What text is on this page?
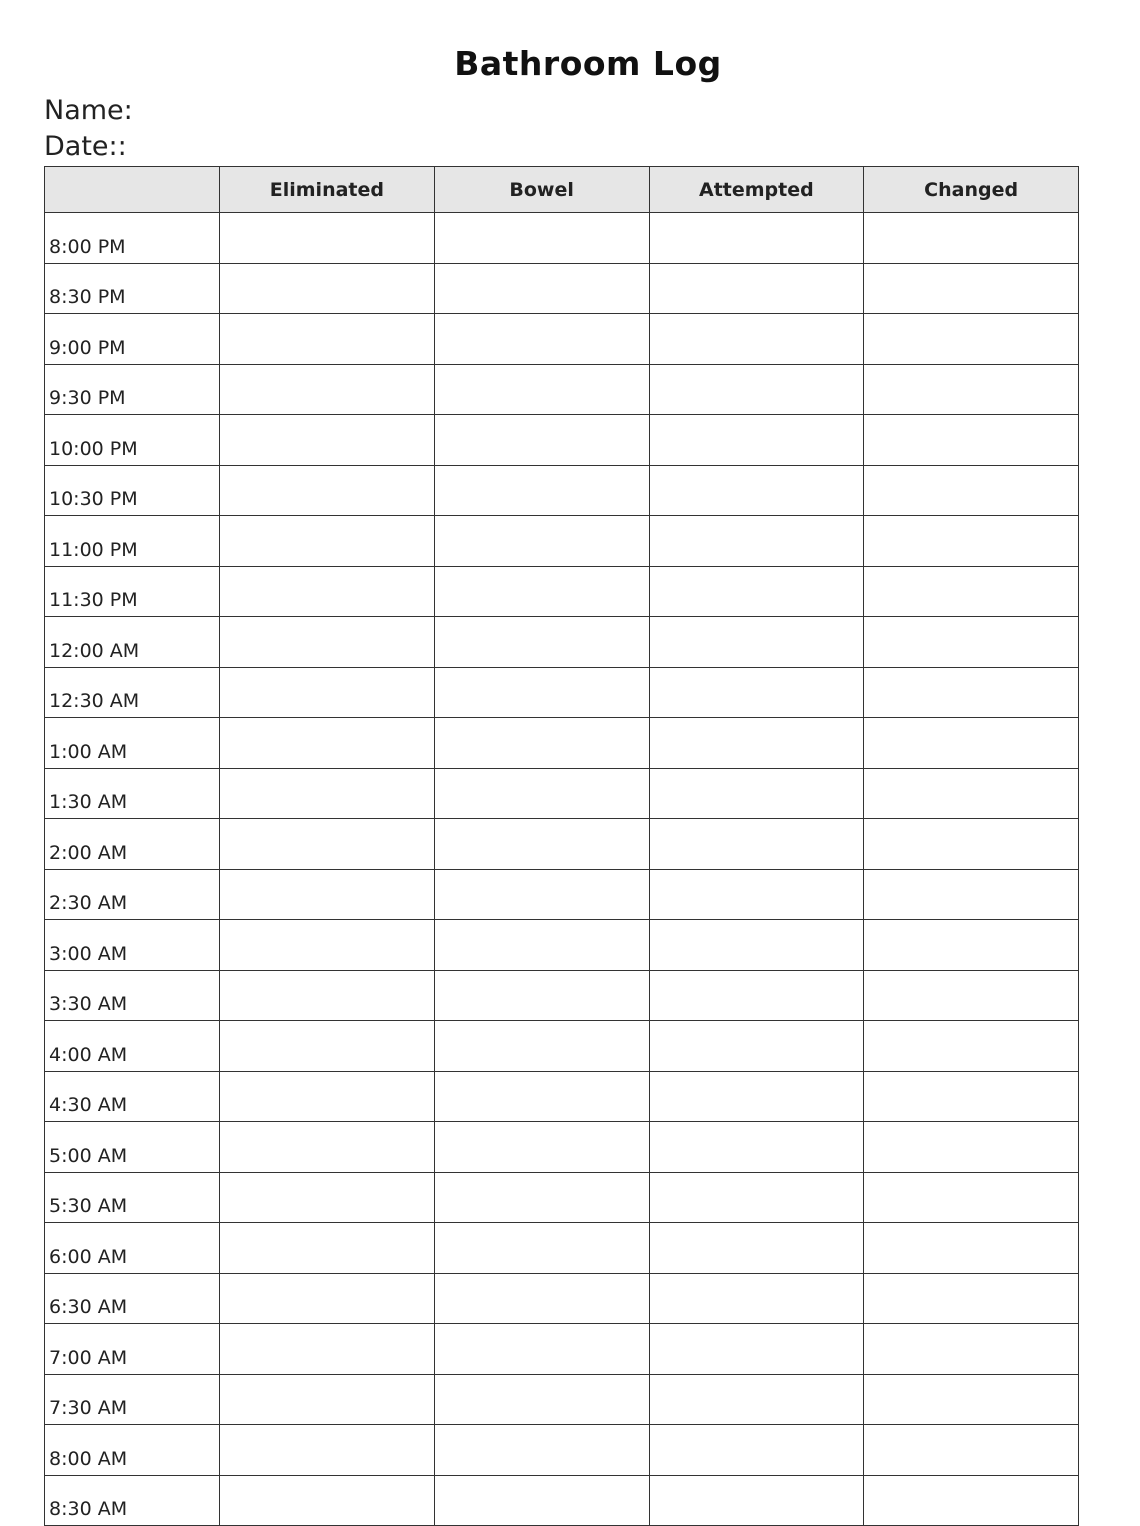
Bathroom Log
Name:
Date::
	Eliminated	Bowel	Attempted	Changed
8:00 PM				
8:30 PM				
9:00 PM				
9:30 PM				
10:00 PM				
10:30 PM				
11:00 PM				
11:30 PM				
12:00 AM				
12:30 AM				
1:00 AM				
1:30 AM				
2:00 AM				
2:30 AM				
3:00 AM				
3:30 AM				
4:00 AM				
4:30 AM				
5:00 AM				
5:30 AM				
6:00 AM				
6:30 AM				
7:00 AM				
7:30 AM				
8:00 AM				
8:30 AM				
